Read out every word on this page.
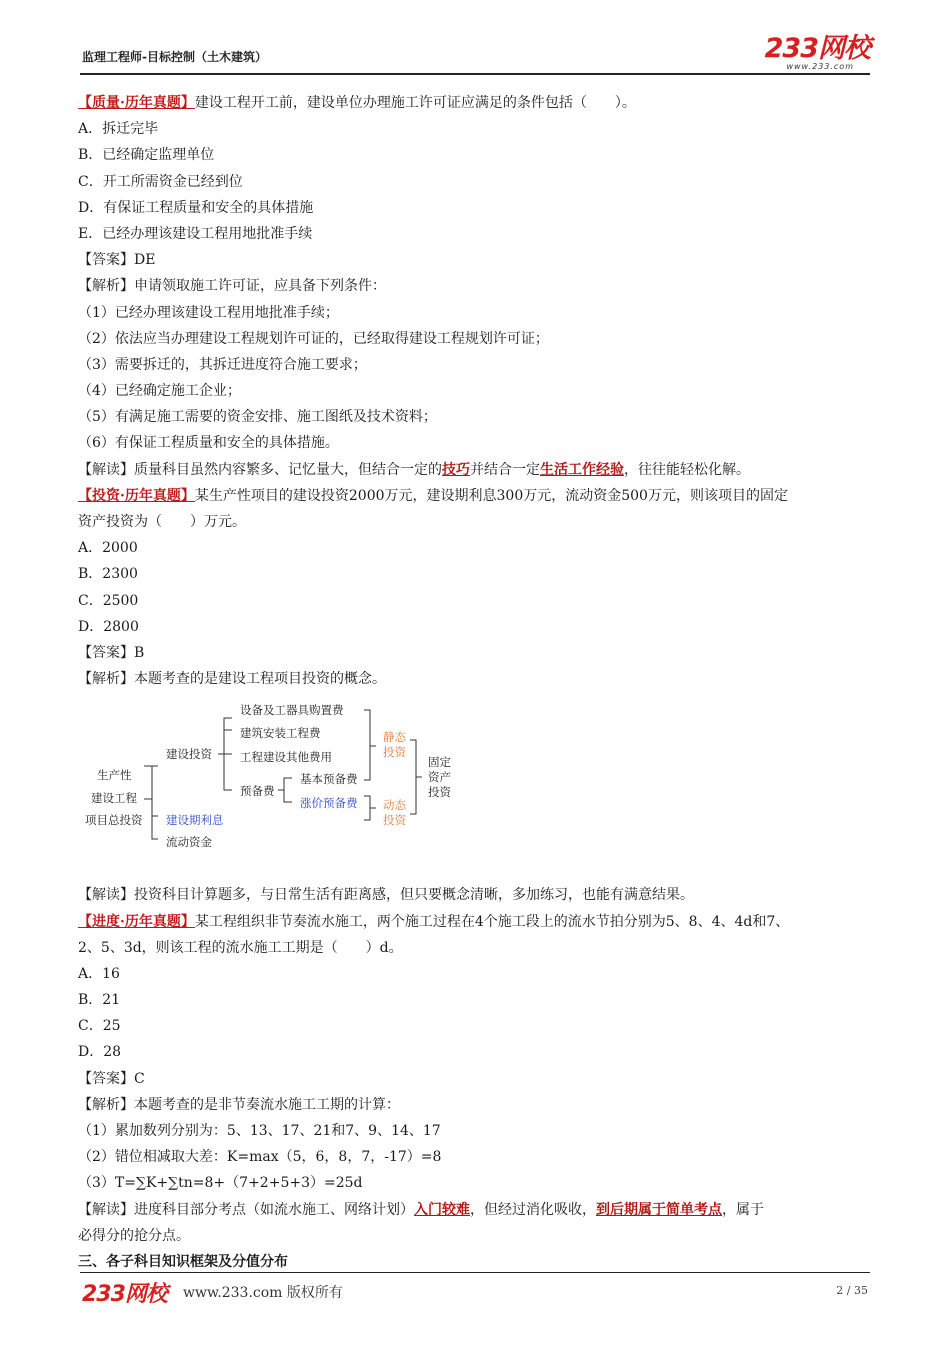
监理工程师-目标控制（土木建筑）	233网校
www.233.com
【质量·历年真题】建设工程开工前，建设单位办理施工许可证应满足的条件包括（　　）。
A．拆迁完毕
B．已经确定监理单位
C．开工所需资金已经到位
D．有保证工程质量和安全的具体措施
E．已经办理该建设工程用地批准手续
【答案】DE
【解析】申请领取施工许可证，应具备下列条件：
（1）已经办理该建设工程用地批准手续；
（2）依法应当办理建设工程规划许可证的，已经取得建设工程规划许可证；
（3）需要拆迁的，其拆迁进度符合施工要求；
（4）已经确定施工企业；
（5）有满足施工需要的资金安排、施工图纸及技术资料；
（6）有保证工程质量和安全的具体措施。
【解读】质量科目虽然内容繁多、记忆量大，但结合一定的技巧并结合一定生活工作经验，往往能轻松化解。
【投资·历年真题】某生产性项目的建设投资2000万元，建设期利息300万元，流动资金500万元，则该项目的固定
资产投资为（　　）万元。
A．2000
B．2300
C．2500
D．2800
【答案】B
【解析】本题考查的是建设工程项目投资的概念。
生产性
建设工程
项目总投资
建设投资
设备及工器具购置费
建筑安装工程费
工程建设其他费用
预备费
基本预备费
涨价预备费
建设期利息
流动资金
静态
投资
动态
投资
固定
资产
投资
【解读】投资科目计算题多，与日常生活有距离感，但只要概念清晰，多加练习，也能有满意结果。
【进度·历年真题】某工程组织非节奏流水施工，两个施工过程在4个施工段上的流水节拍分别为5、8、4、4d和7、
2、5、3d，则该工程的流水施工工期是（　　）d。
A．16
B．21
C．25
D．28
【答案】C
【解析】本题考查的是非节奏流水施工工期的计算：
（1）累加数列分别为：5、13、17、21和7、9、14、17
（2）错位相减取大差：K=max（5，6，8，7，-17）=8
（3）T=∑K+∑tn=8+（7+2+5+3）=25d
【解读】进度科目部分考点（如流水施工、网络计划）入门较难，但经过消化吸收，到后期属于简单考点，属于
必得分的抢分点。
三、各子科目知识框架及分值分布
233网校 www.233.com 版权所有	2 / 35
